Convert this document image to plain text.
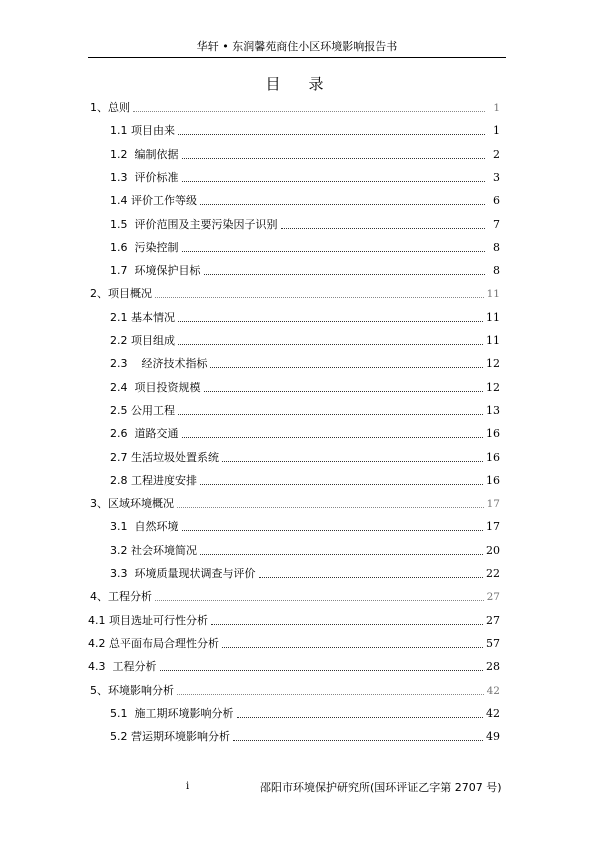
华轩 • 东润馨苑商住小区环境影响报告书
目录
1、总则	1
1.1 项目由来	1
1.2  编制依据	2
1.3  评价标准	3
1.4 评价工作等级	6
1.5  评价范围及主要污染因子识别	7
1.6  污染控制	8
1.7  环境保护目标	8
2、项目概况	11
2.1 基本情况	11
2.2 项目组成	11
2.3    经济技术指标	12
2.4  项目投资规模	12
2.5 公用工程	13
2.6  道路交通	16
2.7 生活垃圾处置系统	16
2.8 工程进度安排	16
3、区域环境概况	17
3.1  自然环境	17
3.2 社会环境简况	20
3.3  环境质量现状调查与评价	22
4、工程分析	27
4.1 项目选址可行性分析	27
4.2 总平面布局合理性分析	57
4.3  工程分析	28
5、环境影响分析	42
5.1  施工期环境影响分析	42
5.2 营运期环境影响分析	49
i	邵阳市环境保护研究所(国环评证乙字第 2707 号)
